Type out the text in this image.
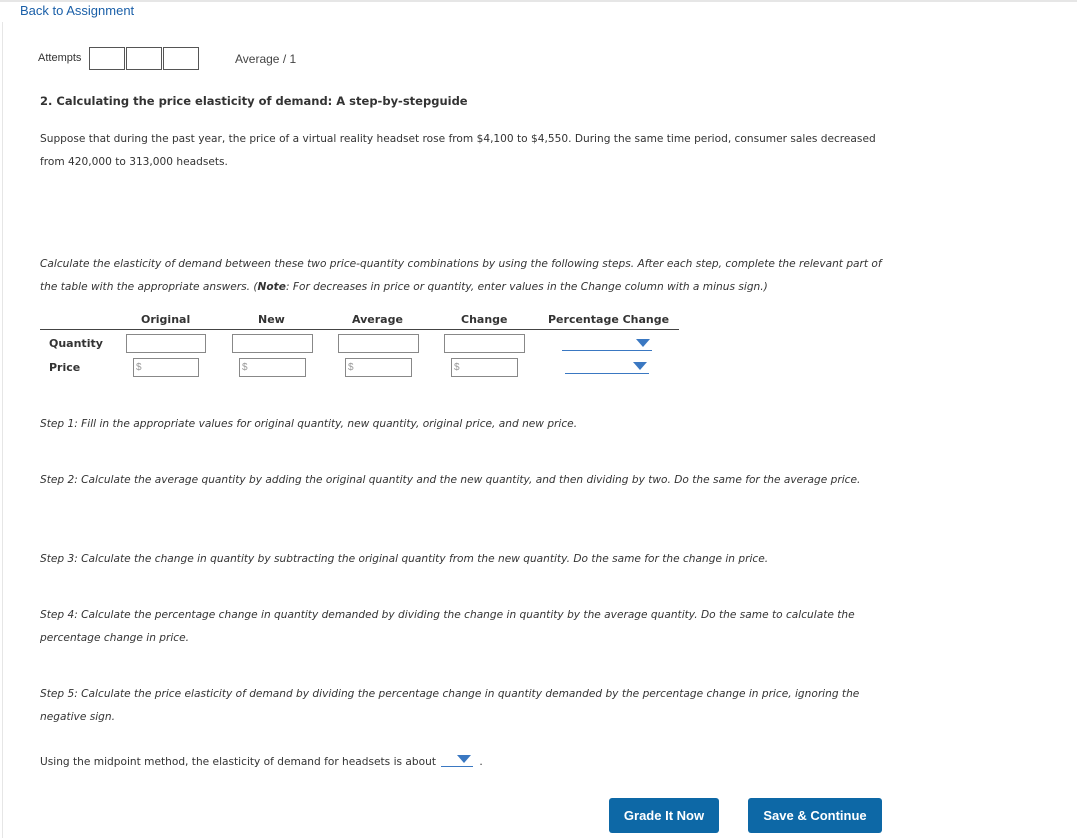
Back to Assignment
Attempts	Average / 1
2. Calculating the price elasticity of demand: A step-by-stepguide

Suppose that during the past year, the price of a virtual reality headset rose from $4,100 to $4,550. During the same time period, consumer sales decreased from 420,000 to 313,000 headsets.

Calculate the elasticity of demand between these two price-quantity combinations by using the following steps. After each step, complete the relevant part of the table with the appropriate answers. (Note: For decreases in price or quantity, enter values in the Change column with a minus sign.)

Original	New	Average	Change	Percentage Change
Quantity
Price	$	$	$	$

Step 1: Fill in the appropriate values for original quantity, new quantity, original price, and new price.

Step 2: Calculate the average quantity by adding the original quantity and the new quantity, and then dividing by two. Do the same for the average price.

Step 3: Calculate the change in quantity by subtracting the original quantity from the new quantity. Do the same for the change in price.

Step 4: Calculate the percentage change in quantity demanded by dividing the change in quantity by the average quantity. Do the same to calculate the percentage change in price.

Step 5: Calculate the price elasticity of demand by dividing the percentage change in quantity demanded by the percentage change in price, ignoring the negative sign.

Using the midpoint method, the elasticity of demand for headsets is about	.

Grade It Now	Save & Continue
